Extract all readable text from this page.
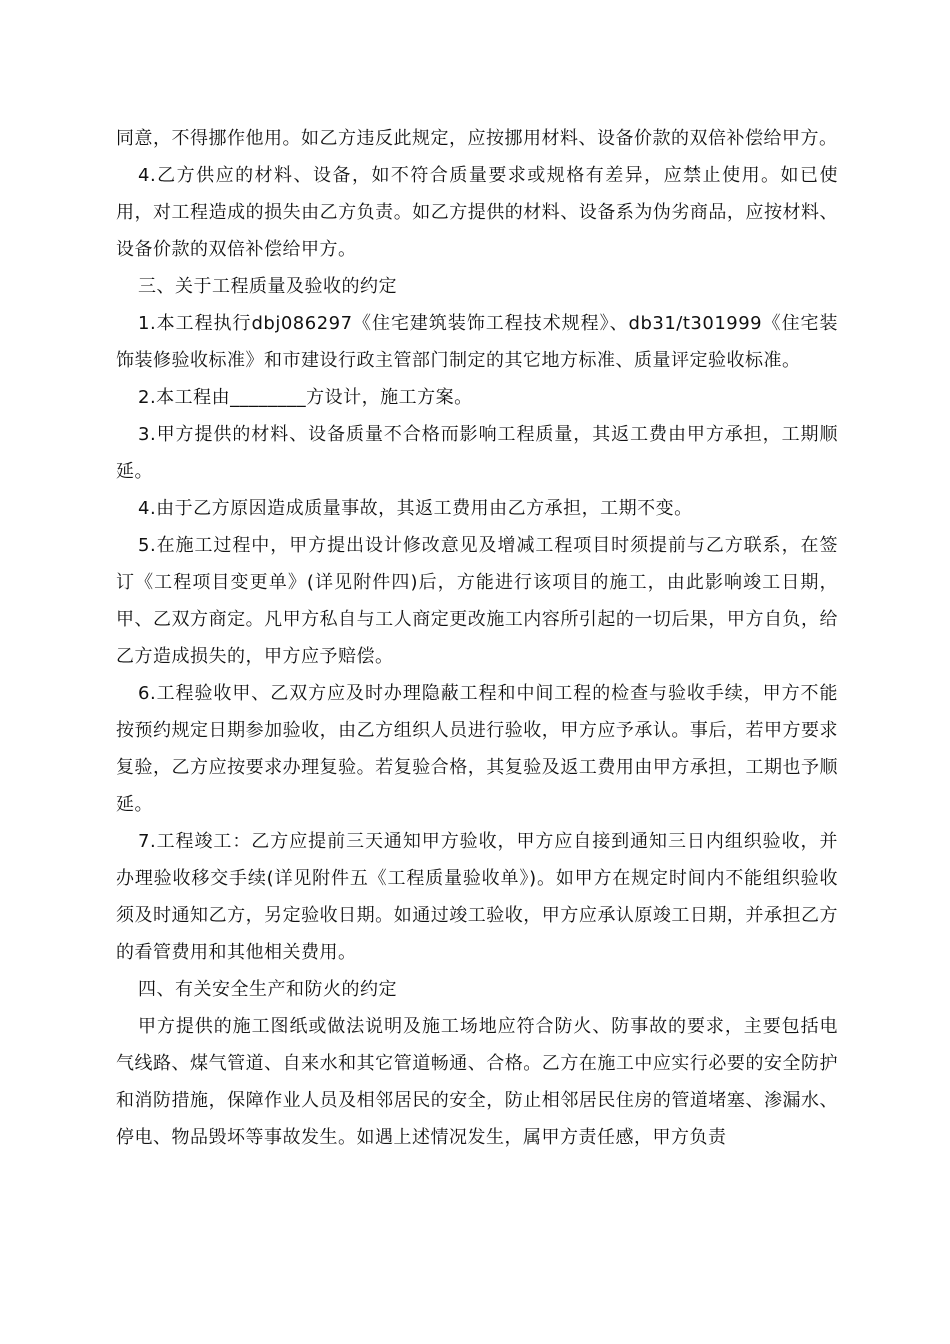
同意，不得挪作他用。如乙方违反此规定，应按挪用材料、设备价款的双倍补偿给甲方。

4.乙方供应的材料、设备，如不符合质量要求或规格有差异，应禁止使用。如已使用，对工程造成的损失由乙方负责。如乙方提供的材料、设备系为伪劣商品，应按材料、设备价款的双倍补偿给甲方。

三、关于工程质量及验收的约定

1.本工程执行dbj086297《住宅建筑装饰工程技术规程》、db31/t301999《住宅装饰装修验收标准》和市建设行政主管部门制定的其它地方标准、质量评定验收标准。

2.本工程由________方设计，施工方案。

3.甲方提供的材料、设备质量不合格而影响工程质量，其返工费由甲方承担，工期顺延。

4.由于乙方原因造成质量事故，其返工费用由乙方承担，工期不变。

5.在施工过程中，甲方提出设计修改意见及增减工程项目时须提前与乙方联系，在签订《工程项目变更单》(详见附件四)后，方能进行该项目的施工，由此影响竣工日期，甲、乙双方商定。凡甲方私自与工人商定更改施工内容所引起的一切后果，甲方自负，给乙方造成损失的，甲方应予赔偿。

6.工程验收甲、乙双方应及时办理隐蔽工程和中间工程的检查与验收手续，甲方不能按预约规定日期参加验收，由乙方组织人员进行验收，甲方应予承认。事后，若甲方要求复验，乙方应按要求办理复验。若复验合格，其复验及返工费用由甲方承担，工期也予顺延。

7.工程竣工：乙方应提前三天通知甲方验收，甲方应自接到通知三日内组织验收，并办理验收移交手续(详见附件五《工程质量验收单》)。如甲方在规定时间内不能组织验收须及时通知乙方，另定验收日期。如通过竣工验收，甲方应承认原竣工日期，并承担乙方的看管费用和其他相关费用。

四、有关安全生产和防火的约定

甲方提供的施工图纸或做法说明及施工场地应符合防火、防事故的要求，主要包括电气线路、煤气管道、自来水和其它管道畅通、合格。乙方在施工中应实行必要的安全防护和消防措施，保障作业人员及相邻居民的安全，防止相邻居民住房的管道堵塞、渗漏水、停电、物品毁坏等事故发生。如遇上述情况发生，属甲方责任感，甲方负责
